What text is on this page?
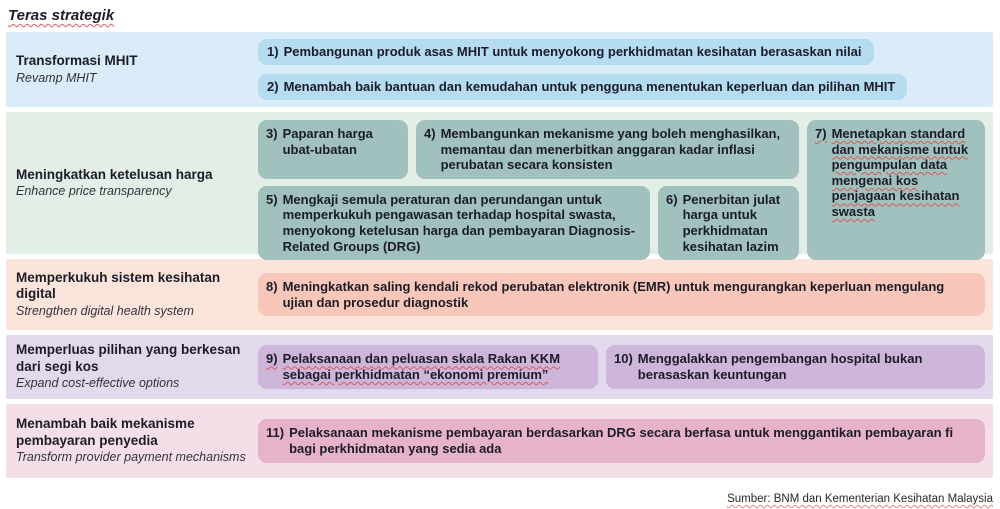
Teras strategik
Transformasi MHIT
Revamp MHIT
1) Pembangunan produk asas MHIT untuk menyokong perkhidmatan kesihatan berasaskan nilai
2) Menambah baik bantuan dan kemudahan untuk pengguna menentukan keperluan dan pilihan MHIT
Meningkatkan ketelusan harga
Enhance price transparency
3) Paparan harga ubat-ubatan
4) Membangunkan mekanisme yang boleh menghasilkan, memantau dan menerbitkan anggaran kadar inflasi perubatan secara konsisten
7) Menetapkan standard dan mekanisme untuk pengumpulan data mengenai kos penjagaan kesihatan swasta
5) Mengkaji semula peraturan dan perundangan untuk memperkukuh pengawasan terhadap hospital swasta, menyokong ketelusan harga dan pembayaran Diagnosis-Related Groups (DRG)
6) Penerbitan julat harga untuk perkhidmatan kesihatan lazim
Memperkukuh sistem kesihatan digital
Strengthen digital health system
8) Meningkatkan saling kendali rekod perubatan elektronik (EMR) untuk mengurangkan keperluan mengulang ujian dan prosedur diagnostik
Memperluas pilihan yang berkesan dari segi kos
Expand cost-effective options
9) Pelaksanaan dan peluasan skala Rakan KKM sebagai perkhidmatan “ekonomi premium”
10) Menggalakkan pengembangan hospital bukan berasaskan keuntungan
Menambah baik mekanisme pembayaran penyedia
Transform provider payment mechanisms
11) Pelaksanaan mekanisme pembayaran berdasarkan DRG secara berfasa untuk menggantikan pembayaran fi bagi perkhidmatan yang sedia ada
Sumber: BNM dan Kementerian Kesihatan Malaysia
